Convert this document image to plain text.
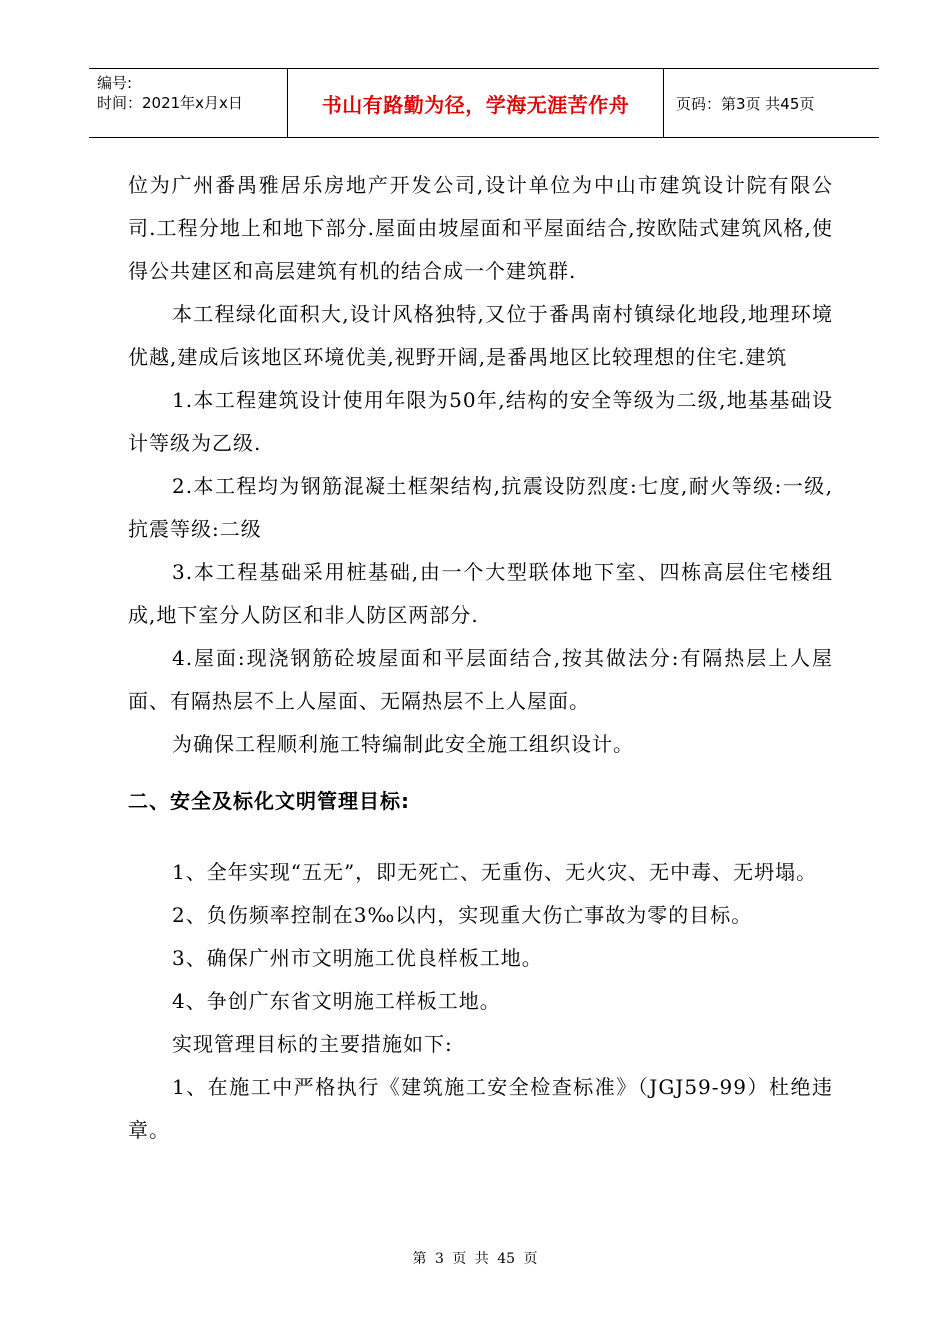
编号:
时间：2021年x月x日	书山有路勤为径，学海无涯苦作舟	页码：第3页 共45页

位为广州番禺雅居乐房地产开发公司,设计单位为中山市建筑设计院有限公司.工程分地上和地下部分.屋面由坡屋面和平屋面结合,按欧陆式建筑风格,使得公共建区和高层建筑有机的结合成一个建筑群.

本工程绿化面积大,设计风格独特,又位于番禺南村镇绿化地段,地理环境优越,建成后该地区环境优美,视野开阔,是番禺地区比较理想的住宅.建筑

1.本工程建筑设计使用年限为50年,结构的安全等级为二级,地基基础设计等级为乙级.

2.本工程均为钢筋混凝土框架结构,抗震设防烈度:七度,耐火等级:一级,抗震等级:二级

3.本工程基础采用桩基础,由一个大型联体地下室、四栋高层住宅楼组成,地下室分人防区和非人防区两部分.

4.屋面:现浇钢筋砼坡屋面和平层面结合,按其做法分:有隔热层上人屋面、有隔热层不上人屋面、无隔热层不上人屋面。

为确保工程顺利施工特编制此安全施工组织设计。

二、安全及标化文明管理目标:

1、全年实现“五无”，即无死亡、无重伤、无火灾、无中毒、无坍塌。

2、负伤频率控制在3‰以内，实现重大伤亡事故为零的目标。

3、确保广州市文明施工优良样板工地。

4、争创广东省文明施工样板工地。

实现管理目标的主要措施如下:

1、在施工中严格执行《建筑施工安全检查标准》（JGJ59-99）杜绝违章。

第 3 页 共 45 页
